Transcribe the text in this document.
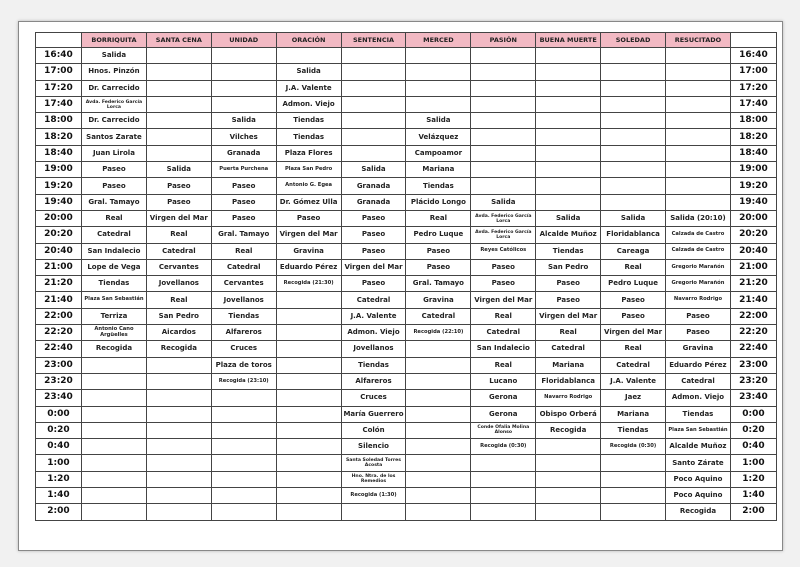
	BORRIQUITA	SANTA CENA	UNIDAD	ORACIÓN	SENTENCIA	MERCED	PASIÓN	BUENA MUERTE	SOLEDAD	RESUCITADO	
16:40	Salida										16:40
17:00	Hnos. Pinzón			Salida							17:00
17:20	Dr. Carrecido			J.A. Valente							17:20
17:40	Avda. Federico García Lorca			Admon. Viejo							17:40
18:00	Dr. Carrecido		Salida	Tiendas		Salida					18:00
18:20	Santos Zarate		Vilches	Tiendas		Velázquez					18:20
18:40	Juan Lirola		Granada	Plaza Flores		Campoamor					18:40
19:00	Paseo	Salida	Puerta Purchena	Plaza San Pedro	Salida	Mariana					19:00
19:20	Paseo	Paseo	Paseo	Antonio G. Egea	Granada	Tiendas					19:20
19:40	Gral. Tamayo	Paseo	Paseo	Dr. Gómez Ulla	Granada	Plácido Longo	Salida				19:40
20:00	Real	Virgen del Mar	Paseo	Paseo	Paseo	Real	Avda. Federico García Lorca	Salida	Salida	Salida (20:10)	20:00
20:20	Catedral	Real	Gral. Tamayo	Virgen del Mar	Paseo	Pedro Luque	Avda. Federico García Lorca	Alcalde Muñoz	Floridablanca	Calzada de Castro	20:20
20:40	San Indalecio	Catedral	Real	Gravina	Paseo	Paseo	Reyes Católicos	Tiendas	Careaga	Calzada de Castro	20:40
21:00	Lope de Vega	Cervantes	Catedral	Eduardo Pérez	Virgen del Mar	Paseo	Paseo	San Pedro	Real	Gregorio Marañón	21:00
21:20	Tiendas	Jovellanos	Cervantes	Recogida (21:30)	Paseo	Gral. Tamayo	Paseo	Paseo	Pedro Luque	Gregorio Marañón	21:20
21:40	Plaza San Sebastián	Real	Jovellanos		Catedral	Gravina	Virgen del Mar	Paseo	Paseo	Navarro Rodrigo	21:40
22:00	Terriza	San Pedro	Tiendas		J.A. Valente	Catedral	Real	Virgen del Mar	Paseo	Paseo	22:00
22:20	Antonio Cano Argüelles	Aicardos	Alfareros		Admon. Viejo	Recogida (22:10)	Catedral	Real	Virgen del Mar	Paseo	22:20
22:40	Recogida	Recogida	Cruces		Jovellanos		San Indalecio	Catedral	Real	Gravina	22:40
23:00			Plaza de toros		Tiendas		Real	Mariana	Catedral	Eduardo Pérez	23:00
23:20			Recogida (23:10)		Alfareros		Lucano	Floridablanca	J.A. Valente	Catedral	23:20
23:40					Cruces		Gerona	Navarro Rodrigo	Jaez	Admon. Viejo	23:40
0:00					María Guerrero		Gerona	Obispo Orberá	Mariana	Tiendas	0:00
0:20					Colón		Conde Ofalia Molina Alonso	Recogida	Tiendas	Plaza San Sebastián	0:20
0:40					Silencio		Recogida (0:30)		Recogida (0:30)	Alcalde Muñoz	0:40
1:00					Santa Soledad Torres Acosta					Santo Zárate	1:00
1:20					Hno. Ntra. de los Remedios					Poco Aquino	1:20
1:40					Recogida (1:30)					Poco Aquino	1:40
2:00										Recogida	2:00
